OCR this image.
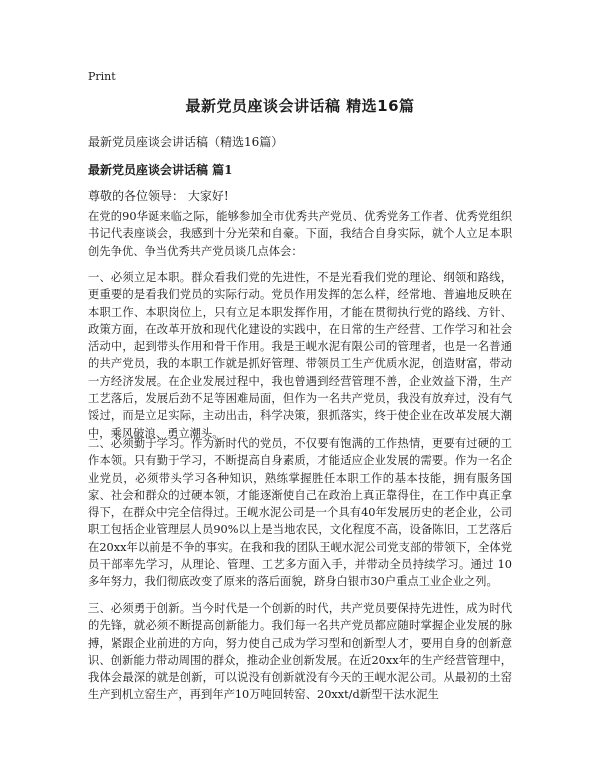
Print
最新党员座谈会讲话稿 精选16篇
最新党员座谈会讲话稿（精选16篇）
最新党员座谈会讲话稿 篇1
尊敬的各位领导： 大家好!

在党的90华诞来临之际，能够参加全市优秀共产党员、优秀党务工作者、优秀党组织书记代表座谈会，我感到十分光荣和自豪。下面，我结合自身实际，就个人立足本职创先争优、争当优秀共产党员谈几点体会：

一、必须立足本职。群众看我们党的先进性，不是光看我们党的理论、纲领和路线，更重要的是看我们党员的实际行动。党员作用发挥的怎么样，经常地、普遍地反映在本职工作、本职岗位上，只有立足本职发挥作用，才能在贯彻执行党的路线、方针、政策方面，在改革开放和现代化建设的实践中，在日常的生产经营、工作学习和社会活动中，起到带头作用和骨干作用。我是王岘水泥有限公司的管理者，也是一名普通的共产党员，我的本职工作就是抓好管理、带领员工生产优质水泥，创造财富，带动一方经济发展。在企业发展过程中，我也曾遇到经营管理不善，企业效益下滑，生产工艺落后，发展后劲不足等困难局面，但作为一名共产党员，我没有放弃过，没有气馁过，而是立足实际，主动出击，科学决策，狠抓落实，终于使企业在改革发展大潮中，乘风破浪、勇立潮头。

二、必须勤于学习。作为新时代的党员，不仅要有饱满的工作热情，更要有过硬的工作本领。只有勤于学习，不断提高自身素质，才能适应企业发展的需要。作为一名企业党员，必须带头学习各种知识，熟练掌握胜任本职工作的基本技能，拥有服务国家、社会和群众的过硬本领，才能逐渐使自己在政治上真正靠得住，在工作中真正拿得下，在群众中完全信得过。王岘水泥公司是一个具有40年发展历史的老企业，公司职工包括企业管理层人员90%以上是当地农民，文化程度不高，设备陈旧，工艺落后在20xx年以前是不争的事实。在我和我的团队王岘水泥公司党支部的带领下，全体党员干部率先学习，从理论、管理、工艺多方面入手，并带动全员持续学习。通过 10多年努力，我们彻底改变了原来的落后面貌，跻身白银市30户重点工业企业之列。

三、必须勇于创新。当今时代是一个创新的时代，共产党员要保持先进性，成为时代的先锋，就必须不断提高创新能力。我们每一名共产党员都应随时掌握企业发展的脉搏，紧跟企业前进的方向，努力使自己成为学习型和创新型人才，要用自身的创新意识、创新能力带动周围的群众，推动企业创新发展。在近20xx年的生产经营管理中，我体会最深的就是创新，可以说没有创新就没有今天的王岘水泥公司。从最初的土窑生产到机立窑生产，再到年产10万吨回转窑、20xxt/d新型干法水泥生
